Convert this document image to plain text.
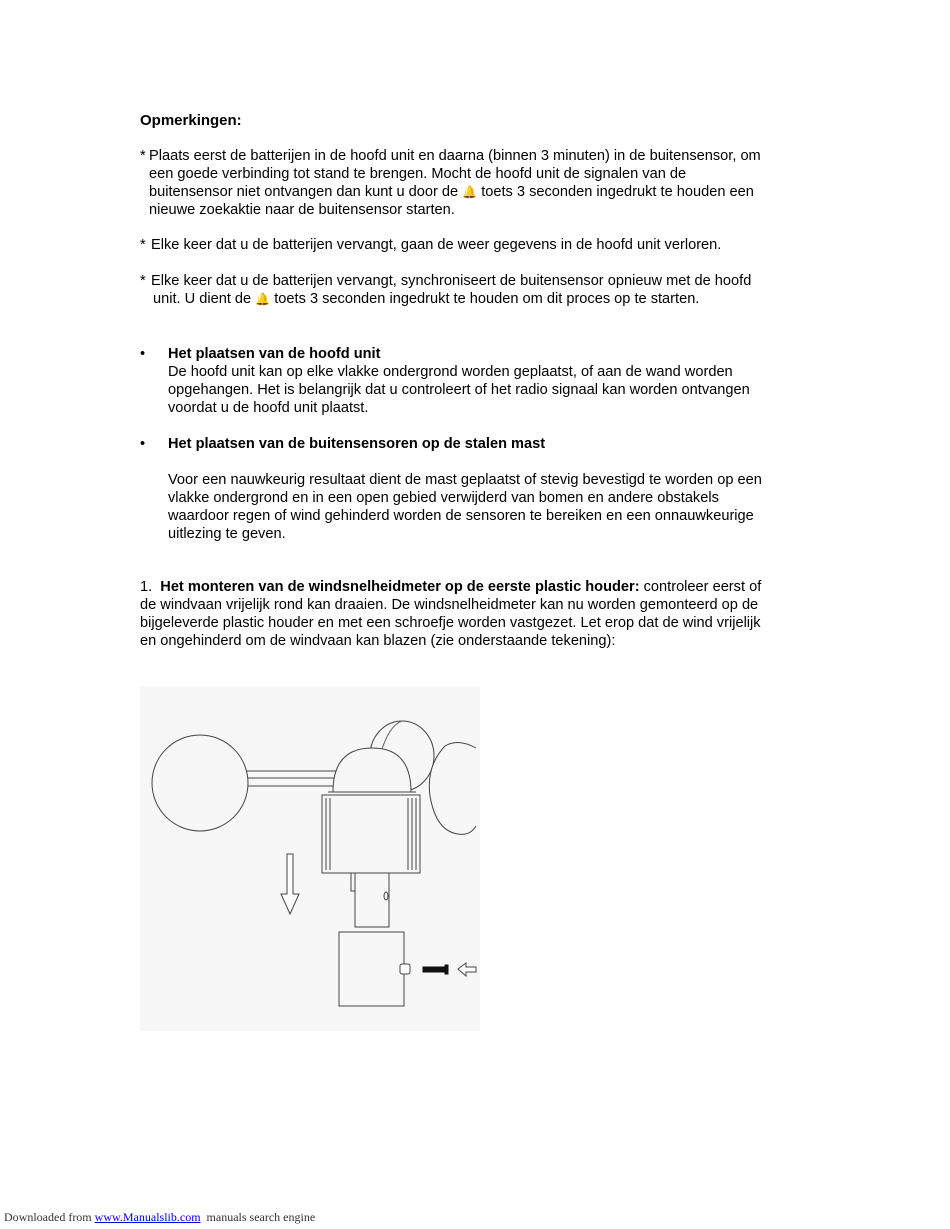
Opmerkingen:
* Plaats eerst de batterijen in de hoofd unit en daarna (binnen 3 minuten) in de buitensensor, om
een goede verbinding tot stand te brengen. Mocht de hoofd unit de signalen van de
buitensensor niet ontvangen dan kunt u door de 🔔 toets 3 seconden ingedrukt te houden een
nieuwe zoekaktie naar de buitensensor starten.
* Elke keer dat u de batterijen vervangt, gaan de weer gegevens in de hoofd unit verloren.
* Elke keer dat u de batterijen vervangt, synchroniseert de buitensensor opnieuw met de hoofd
unit. U dient de 🔔 toets 3 seconden ingedrukt te houden om dit proces op te starten.
• Het plaatsen van de hoofd unit
De hoofd unit kan op elke vlakke ondergrond worden geplaatst, of aan de wand worden
opgehangen. Het is belangrijk dat u controleert of het radio signaal kan worden ontvangen
voordat u de hoofd unit plaatst.
• Het plaatsen van de buitensensoren op de stalen mast
Voor een nauwkeurig resultaat dient de mast geplaatst of stevig bevestigd te worden op een
vlakke ondergrond en in een open gebied verwijderd van bomen en andere obstakels
waardoor regen of wind gehinderd worden de sensoren te bereiken en een onnauwkeurige
uitlezing te geven.
1. Het monteren van de windsnelheidmeter op de eerste plastic houder: controleer eerst of
de windvaan vrijelijk rond kan draaien. De windsnelheidmeter kan nu worden gemonteerd op de
bijgeleverde plastic houder en met een schroefje worden vastgezet. Let erop dat de wind vrijelijk
en ongehinderd om de windvaan kan blazen (zie onderstaande tekening):
Downloaded from www.Manualslib.com manuals search engine
